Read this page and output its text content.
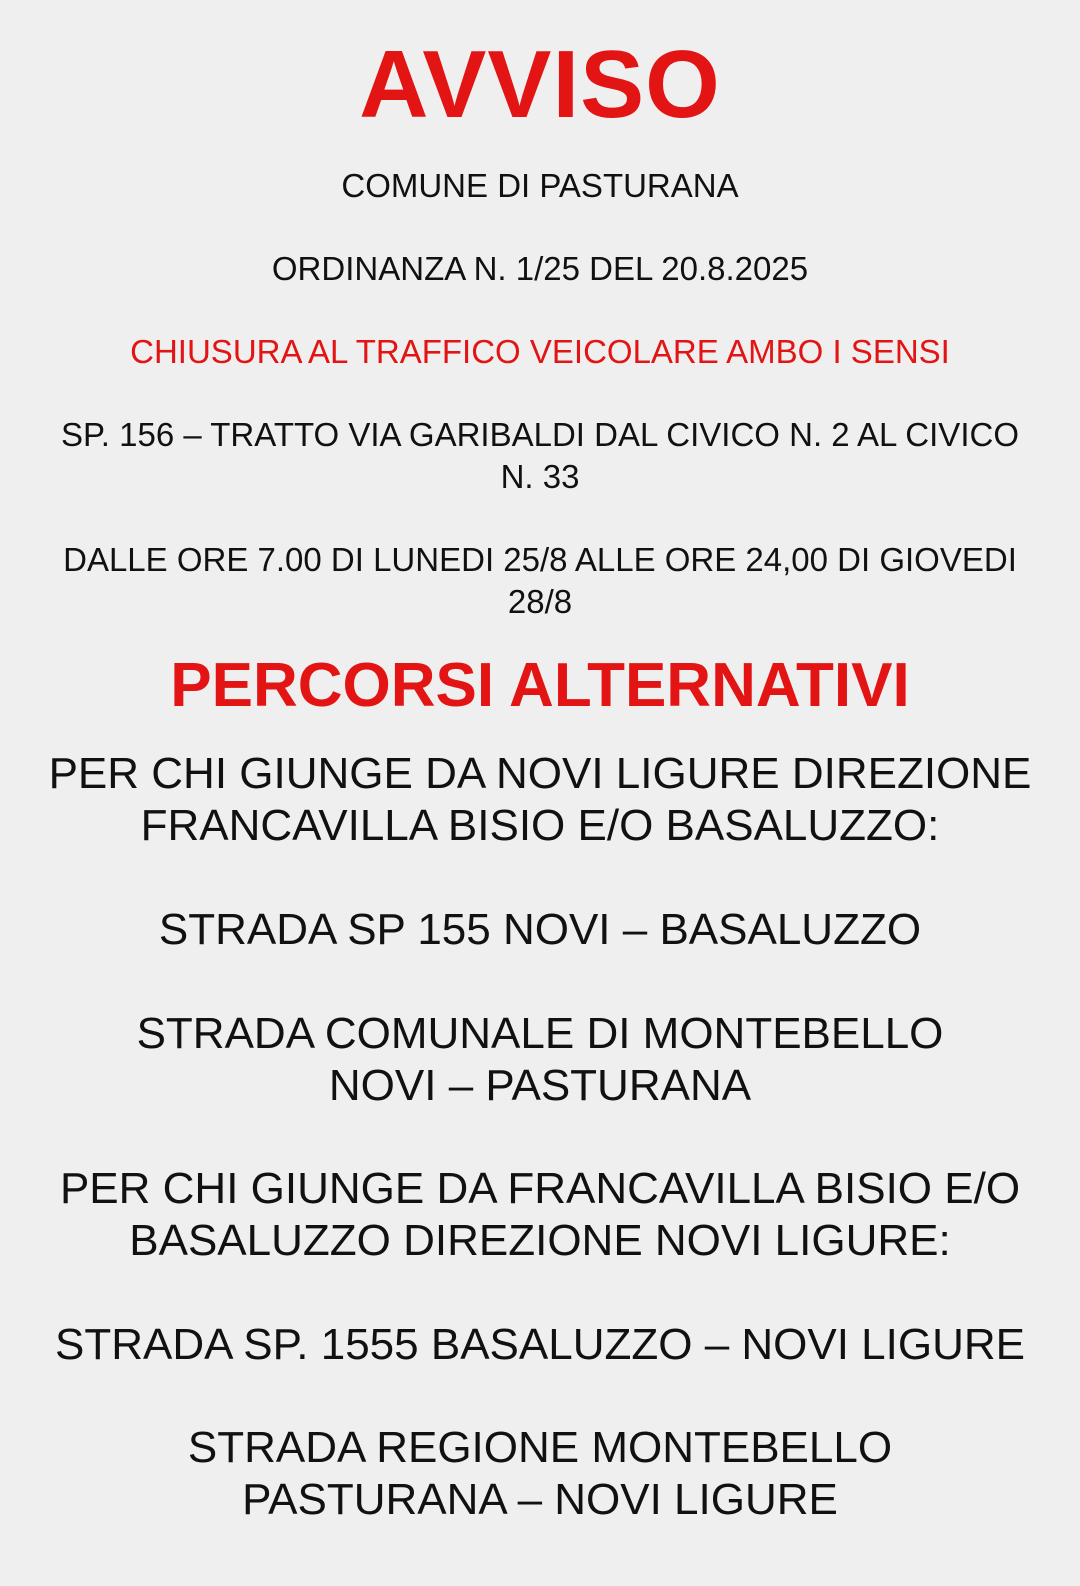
AVVISO

COMUNE DI PASTURANA

ORDINANZA N. 1/25 DEL 20.8.2025

CHIUSURA AL TRAFFICO VEICOLARE AMBO I SENSI

SP. 156 – TRATTO VIA GARIBALDI DAL CIVICO N. 2 AL CIVICO

N. 33

DALLE ORE 7.00 DI LUNEDI 25/8 ALLE ORE 24,00 DI GIOVEDI

28/8

PERCORSI ALTERNATIVI

PER CHI GIUNGE DA NOVI LIGURE DIREZIONE

FRANCAVILLA BISIO E/O BASALUZZO:

STRADA SP 155 NOVI – BASALUZZO

STRADA COMUNALE DI MONTEBELLO

NOVI – PASTURANA

PER CHI GIUNGE DA FRANCAVILLA BISIO E/O

BASALUZZO DIREZIONE NOVI LIGURE:

STRADA SP. 1555 BASALUZZO – NOVI LIGURE

STRADA REGIONE MONTEBELLO

PASTURANA – NOVI LIGURE
